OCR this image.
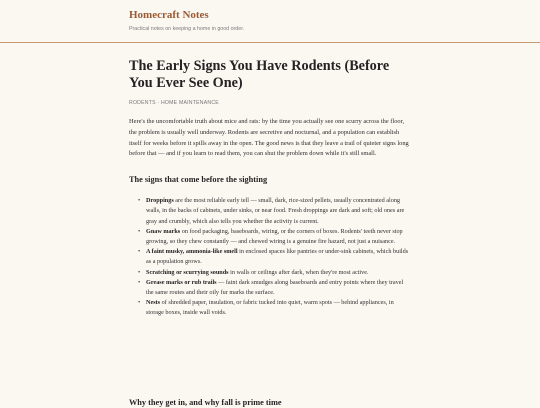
Homecraft Notes
Practical notes on keeping a home in good order.
The Early Signs You Have Rodents (Before You Ever See One)
RODENTS · HOME MAINTENANCE

Here's the uncomfortable truth about mice and rats: by the time you actually see one scurry across the floor, the problem is usually well underway. Rodents are secretive and nocturnal, and a population can establish itself for weeks before it spills away in the open. The good news is that they leave a trail of quieter signs long before that — and if you learn to read them, you can shut the problem down while it's still small.

The signs that come before the sighting
• Droppings are the most reliable early tell — small, dark, rice-sized pellets, usually concentrated along walls, in the backs of cabinets, under sinks, or near food. Fresh droppings are dark and soft; old ones are gray and crumbly, which also tells you whether the activity is current.
• Gnaw marks on food packaging, baseboards, wiring, or the corners of boxes. Rodents' teeth never stop growing, so they chew constantly — and chewed wiring is a genuine fire hazard, not just a nuisance.
• A faint musky, ammonia-like smell in enclosed spaces like pantries or under-sink cabinets, which builds as a population grows.
• Scratching or scurrying sounds in walls or ceilings after dark, when they're most active.
• Grease marks or rub trails — faint dark smudges along baseboards and entry points where they travel the same routes and their oily fur marks the surface.
• Nests of shredded paper, insulation, or fabric tucked into quiet, warm spots — behind appliances, in storage boxes, inside wall voids.
Why they get in, and why fall is prime time
